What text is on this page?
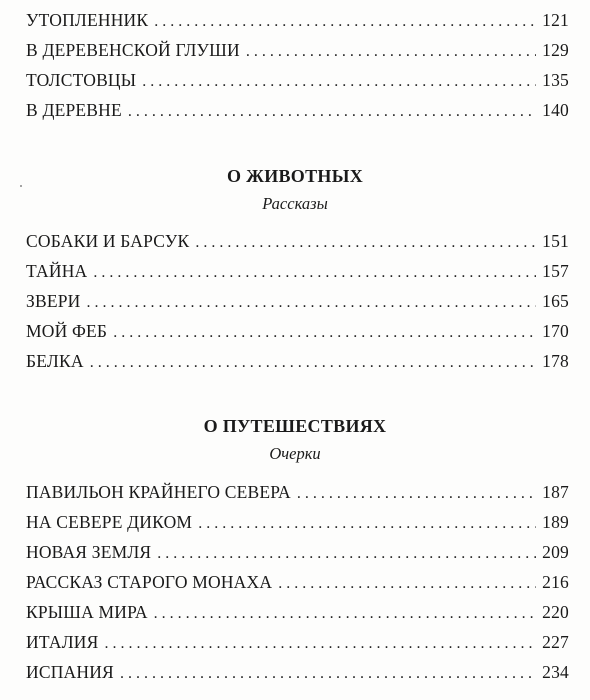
УТОПЛЕННИК . . .	121
В ДЕРЕВЕНСКОЙ ГЛУШИ . . .	129
ТОЛСТОВЦЫ . . .	135
В ДЕРЕВНЕ . . .	140
О ЖИВОТНЫХ
Рассказы
СОБАКИ И БАРСУК . . .	151
ТАЙНА . . .	157
ЗВЕРИ . . .	165
МОЙ ФЕБ . . .	170
БЕЛКА . . .	178
О ПУТЕШЕСТВИЯХ
Очерки
ПАВИЛЬОН КРАЙНЕГО СЕВЕРА . . .	187
НА СЕВЕРЕ ДИКОМ . . .	189
НОВАЯ ЗЕМЛЯ . . .	209
РАССКАЗ СТАРОГО МОНАХА . . .	216
КРЫША МИРА . . .	220
ИТАЛИЯ . . .	227
ИСПАНИЯ . . .	234
